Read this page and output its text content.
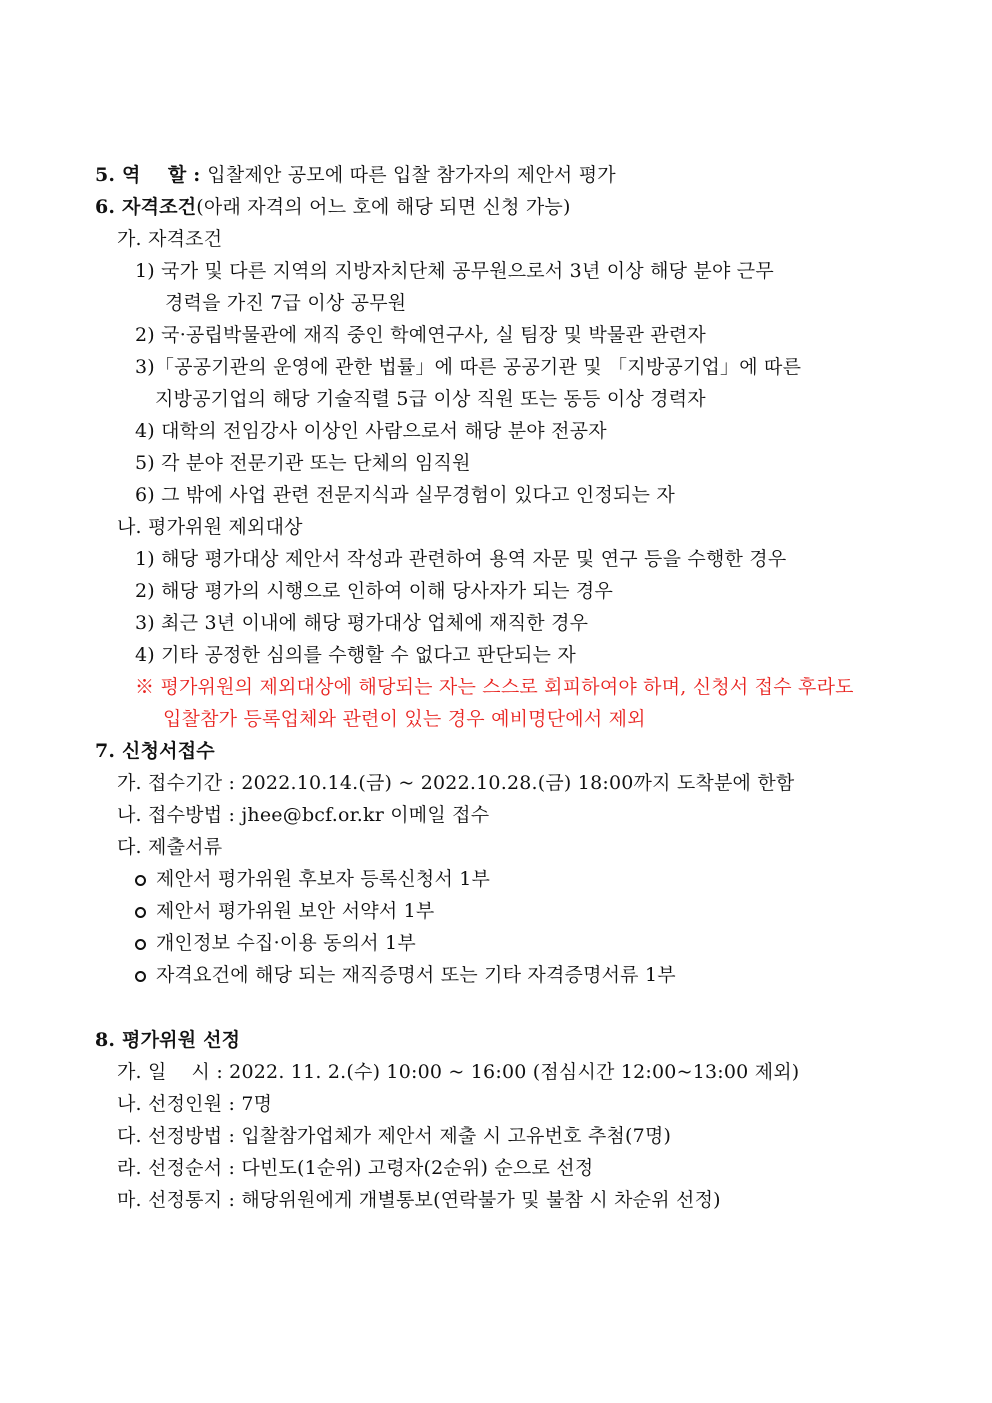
5. 역    할 : 입찰제안 공모에 따른 입찰 참가자의 제안서 평가
6. 자격조건(아래 자격의 어느 호에 해당 되면 신청 가능)
가. 자격조건
1) 국가 및 다른 지역의 지방자치단체 공무원으로서 3년 이상 해당 분야 근무
경력을 가진 7급 이상 공무원
2) 국·공립박물관에 재직 중인 학예연구사, 실 팀장 및 박물관 관련자
3)「공공기관의 운영에 관한 법률」에 따른 공공기관 및 「지방공기업」에 따른
지방공기업의 해당 기술직렬 5급 이상 직원 또는 동등 이상 경력자
4) 대학의 전임강사 이상인 사람으로서 해당 분야 전공자
5) 각 분야 전문기관 또는 단체의 임직원
6) 그 밖에 사업 관련 전문지식과 실무경험이 있다고 인정되는 자
나. 평가위원 제외대상
1) 해당 평가대상 제안서 작성과 관련하여 용역 자문 및 연구 등을 수행한 경우
2) 해당 평가의 시행으로 인하여 이해 당사자가 되는 경우
3) 최근 3년 이내에 해당 평가대상 업체에 재직한 경우
4) 기타 공정한 심의를 수행할 수 없다고 판단되는 자
※ 평가위원의 제외대상에 해당되는 자는 스스로 회피하여야 하며, 신청서 접수 후라도
입찰참가 등록업체와 관련이 있는 경우 예비명단에서 제외
7. 신청서접수
가. 접수기간 : 2022.10.14.(금) ~ 2022.10.28.(금) 18:00까지 도착분에 한함
나. 접수방법 : jhee@bcf.or.kr 이메일 접수
다. 제출서류
제안서 평가위원 후보자 등록신청서 1부
제안서 평가위원 보안 서약서 1부
개인정보 수집·이용 동의서 1부
자격요건에 해당 되는 재직증명서 또는 기타 자격증명서류 1부
8. 평가위원 선정
가. 일    시 : 2022. 11. 2.(수) 10:00 ~ 16:00 (점심시간 12:00~13:00 제외)
나. 선정인원 : 7명
다. 선정방법 : 입찰참가업체가 제안서 제출 시 고유번호 추첨(7명)
라. 선정순서 : 다빈도(1순위) 고령자(2순위) 순으로 선정
마. 선정통지 : 해당위원에게 개별통보(연락불가 및 불참 시 차순위 선정)
